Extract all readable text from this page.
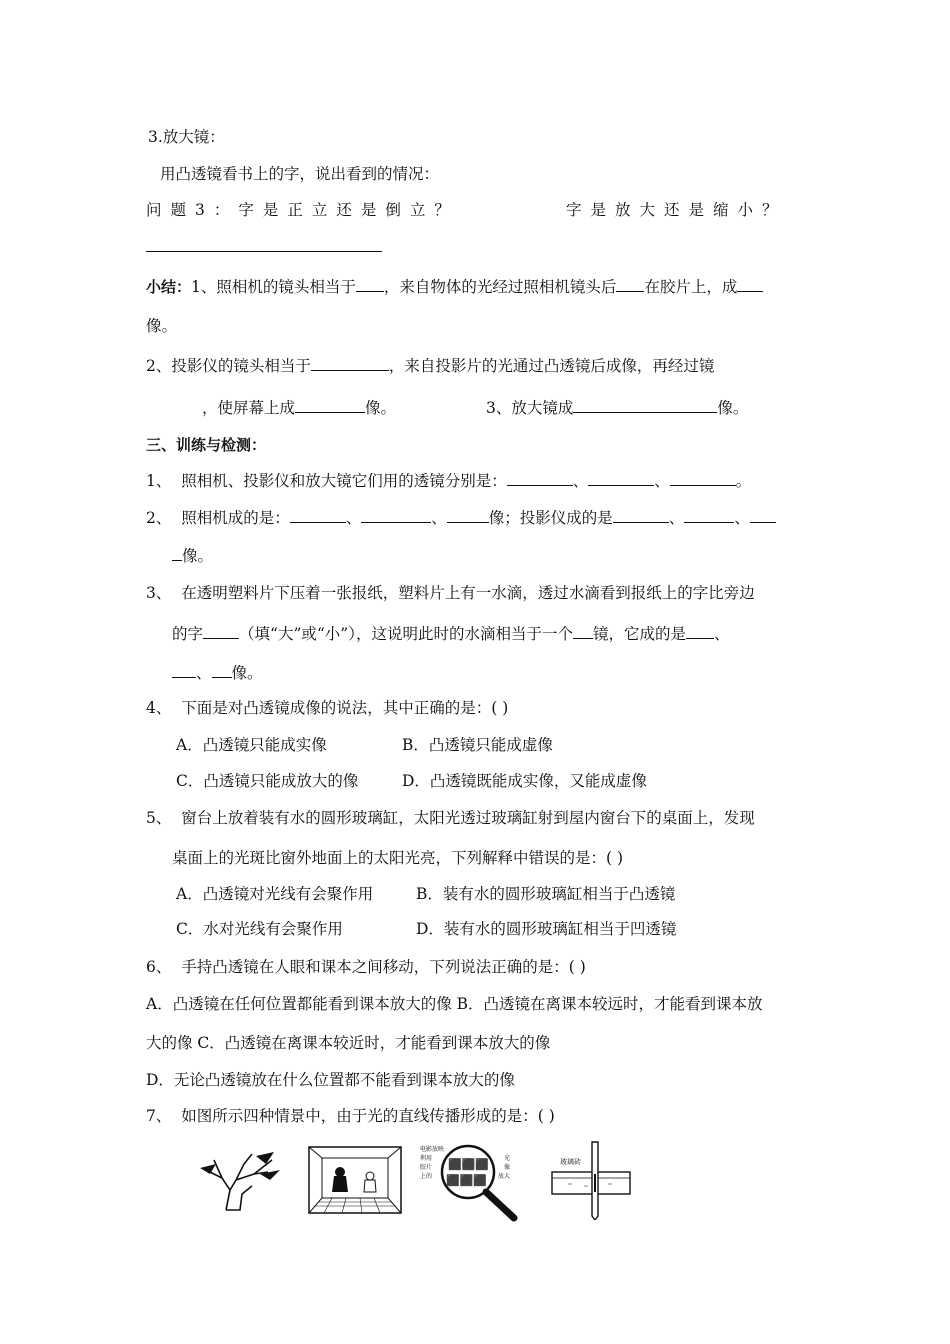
3.放大镜：
用凸透镜看书上的字，说出看到的情况：
问题3：字是正立还是倒立？	字是放大还是缩小？
小结：1、照相机的镜头相当于 ，来自物体的光经过照相机镜头后 在胶片上，成
像。
2、投影仪的镜头相当于	，来自投影片的光通过凸透镜后成像，再经过镜
，使屏幕上成	像。	3、放大镜成	像。
三、训练与检测：
1、 照相机、投影仪和放大镜它们用的透镜分别是：	、	、	。
2、 照相机成的是：	、	、	像；投影仪成的是	、	、
像。
3、 在透明塑料片下压着一张报纸，塑料片上有一水滴，透过水滴看到报纸上的字比旁边
的字 （填“大”或“小”），这说明此时的水滴相当于一个 镜，它成的是 、
、 像。
4、 下面是对凸透镜成像的说法，其中正确的是：( )
A．凸透镜只能成实像	B．凸透镜只能成虚像
C．凸透镜只能成放大的像	D．凸透镜既能成实像，又能成虚像
5、 窗台上放着装有水的圆形玻璃缸，太阳光透过玻璃缸射到屋内窗台下的桌面上，发现
桌面上的光斑比窗外地面上的太阳光亮，下列解释中错误的是：( )
A．凸透镜对光线有会聚作用	B．装有水的圆形玻璃缸相当于凸透镜
C．水对光线有会聚作用	D．装有水的圆形玻璃缸相当于凹透镜
6、 手持凸透镜在人眼和课本之间移动，下列说法正确的是：( )
A．凸透镜在任何位置都能看到课本放大的像 B．凸透镜在离课本较远时，才能看到课本放
大的像 C．凸透镜在离课本较近时，才能看到课本放大的像
D．无论凸透镜放在什么位置都不能看到课本放大的像
7、 如图所示四种情景中，由于光的直线传播形成的是：( )
电影 放映
利用
胶片
上的
光
像
放大
⬛⬛⬛
⬛⬛⬛
玻璃砖
